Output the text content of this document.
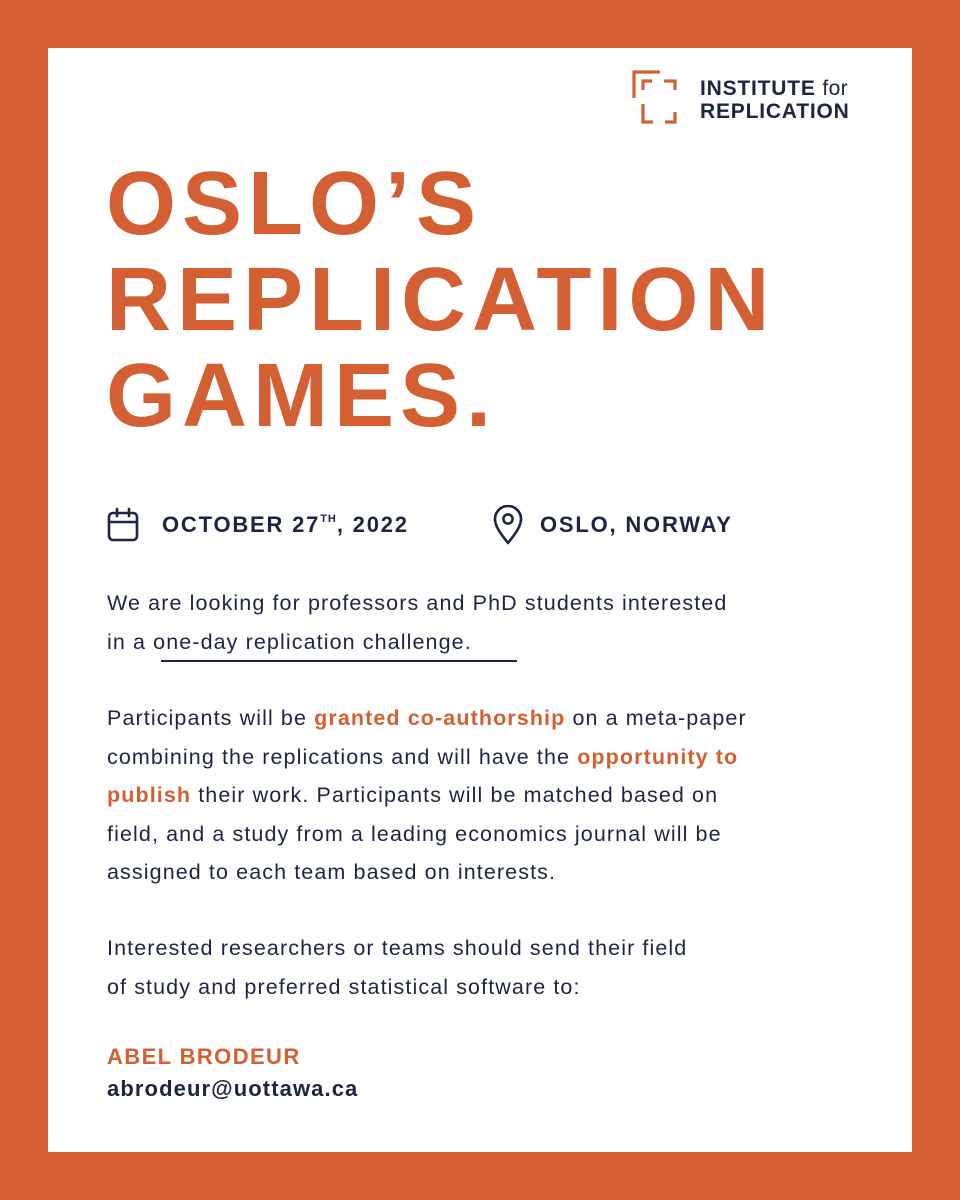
INSTITUTE for
REPLICATION
OSLO’S
REPLICATION
GAMES.
OCTOBER 27TH, 2022	OSLO, NORWAY

We are looking for professors and PhD students interested
in a one-day replication challenge.

Participants will be granted co-authorship on a meta-paper
combining the replications and will have the opportunity to
publish their work. Participants will be matched based on
field, and a study from a leading economics journal will be
assigned to each team based on interests.

Interested researchers or teams should send their field
of study and preferred statistical software to:

ABEL BRODEUR
abrodeur@uottawa.ca
